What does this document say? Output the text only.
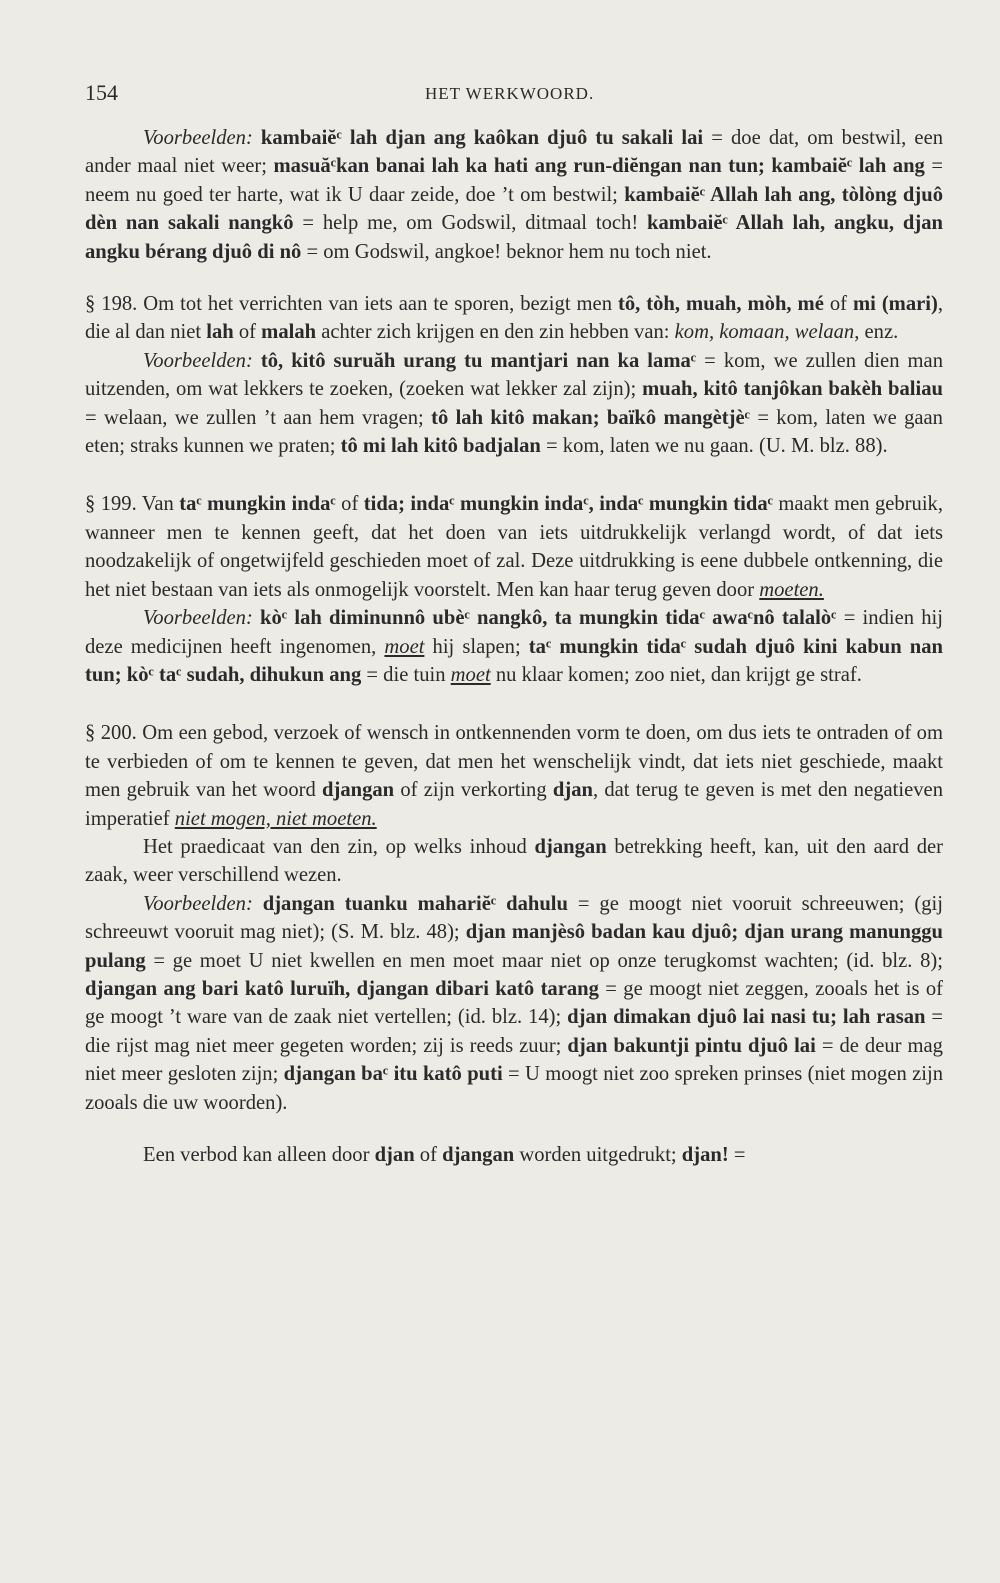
154	HET WERKWOORD.

Voorbeelden: kambaiĕᶜ lah djan ang kaôkan djuô tu sakali lai = doe dat, om bestwil, een ander maal niet weer; masuăᶜkan banai lah ka hati ang run-diĕngan nan tun; kambaiĕᶜ lah ang = neem nu goed ter harte, wat ik U daar zeide, doe ’t om bestwil; kambaiĕᶜ Allah lah ang, tòlòng djuô dèn nan sakali nangkô = help me, om Godswil, ditmaal toch! kambaiĕᶜ Allah lah, angku, djan angku bérang djuô di nô = om Godswil, angkoe! beknor hem nu toch niet.

§ 198. Om tot het verrichten van iets aan te sporen, bezigt men tô, tòh, muah, mòh, mé of mi (mari), die al dan niet lah of malah achter zich krijgen en den zin hebben van: kom, komaan, welaan, enz.

Voorbeelden: tô, kitô suruăh urang tu mantjari nan ka lamaᶜ = kom, we zullen dien man uitzenden, om wat lekkers te zoeken, (zoeken wat lekker zal zijn); muah, kitô tanjôkan bakèh baliau = welaan, we zullen ’t aan hem vragen; tô lah kitô makan; baïkô mangètjèᶜ = kom, laten we gaan eten; straks kunnen we praten; tô mi lah kitô badjalan = kom, laten we nu gaan. (U. M. blz. 88).

§ 199. Van taᶜ mungkin indaᶜ of tida; indaᶜ mungkin indaᶜ, indaᶜ mungkin tidaᶜ maakt men gebruik, wanneer men te kennen geeft, dat het doen van iets uitdrukkelijk verlangd wordt, of dat iets noodzakelijk of ongetwijfeld geschieden moet of zal. Deze uitdrukking is eene dubbele ontkenning, die het niet bestaan van iets als onmogelijk voorstelt. Men kan haar terug geven door moeten.

Voorbeelden: kòᶜ lah diminunnô ubèᶜ nangkô, ta mungkin tidaᶜ awaᶜnô talalòᶜ = indien hij deze medicijnen heeft ingenomen, moet hij slapen; taᶜ mungkin tidaᶜ sudah djuô kini kabun nan tun; kòᶜ taᶜ sudah, dihukun ang = die tuin moet nu klaar komen; zoo niet, dan krijgt ge straf.

§ 200. Om een gebod, verzoek of wensch in ontkennenden vorm te doen, om dus iets te ontraden of om te verbieden of om te kennen te geven, dat men het wenschelijk vindt, dat iets niet geschiede, maakt men gebruik van het woord djangan of zijn verkorting djan, dat terug te geven is met den negatieven imperatief niet mogen, niet moeten.

Het praedicaat van den zin, op welks inhoud djangan betrekking heeft, kan, uit den aard der zaak, weer verschillend wezen.

Voorbeelden: djangan tuanku mahariĕᶜ dahulu = ge moogt niet vooruit schreeuwen; (gij schreeuwt vooruit mag niet); (S. M. blz. 48); djan manjèsô badan kau djuô; djan urang manunggu pulang = ge moet U niet kwellen en men moet maar niet op onze terugkomst wachten; (id. blz. 8); djangan ang bari katô luruïh, djangan dibari katô tarang = ge moogt niet zeggen, zooals het is of ge moogt ’t ware van de zaak niet vertellen; (id. blz. 14); djan dimakan djuô lai nasi tu; lah rasan = die rijst mag niet meer gegeten worden; zij is reeds zuur; djan bakuntji pintu djuô lai = de deur mag niet meer gesloten zijn; djangan baᶜ itu katô puti = U moogt niet zoo spreken prinses (niet mogen zijn zooals die uw woorden).

Een verbod kan alleen door djan of djangan worden uitgedrukt; djan! =
